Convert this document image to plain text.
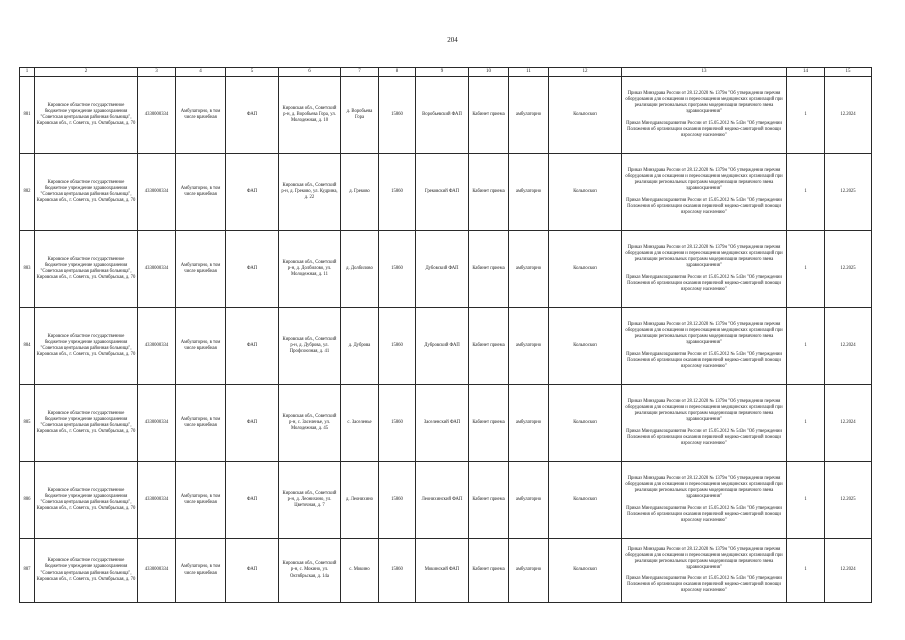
204
1	2	3	4	5	6	7	8	9	10	11	12	13	14	15
881	Кировское областное государственное бюджетное учреждение здравоохранения "Советская центральная районная больница", Кировская обл., г. Советск, ул. Октябрьская, д. 70	4330000334	Амбулаторно, в том числе врачебная	ФАП	Кировская обл., Советский р-н, д. Воробьева Гора, ул. Молодежная, д. 10	д. Воробьева Гора	15860	Воробьевский ФАП	Кабинет приема	амбулаторно	Кольпоскоп	Приказ Минздрава России от 28.12.2020 № 1379н "Об утверждении перечня оборудования для оснащения и переоснащения медицинских организаций при реализации региональных программ модернизации первичного звена здравоохранения"

Приказ Минздравсоцразвития России от 15.05.2012 № 543н "Об утверждении Положения об организации оказания первичной медико-санитарной помощи взрослому населению"	1	12.2024
882	Кировское областное государственное бюджетное учреждение здравоохранения "Советская центральная районная больница", Кировская обл., г. Советск, ул. Октябрьская, д. 70	4330000334	Амбулаторно, в том числе врачебная	ФАП	Кировская обл., Советский р-н, д. Греково, ул. Кудрина, д. 22	д. Греково	15860	Грековский ФАП	Кабинет приема	амбулаторно	Кольпоскоп	Приказ Минздрава России от 28.12.2020 № 1379н "Об утверждении перечня оборудования для оснащения и переоснащения медицинских организаций при реализации региональных программ модернизации первичного звена здравоохранения"

Приказ Минздравсоцразвития России от 15.05.2012 № 543н "Об утверждении Положения об организации оказания первичной медико-санитарной помощи взрослому населению"	1	12.2025
883	Кировское областное государственное бюджетное учреждение здравоохранения "Советская центральная районная больница", Кировская обл., г. Советск, ул. Октябрьская, д. 70	4330000334	Амбулаторно, в том числе врачебная	ФАП	Кировская обл., Советский р-н, д. Долбилово, ул. Молодежная, д. 11	д. Долбилово	15860	Дубовский ФАП	Кабинет приема	амбулаторно	Кольпоскоп	Приказ Минздрава России от 28.12.2020 № 1379н "Об утверждении перечня оборудования для оснащения и переоснащения медицинских организаций при реализации региональных программ модернизации первичного звена здравоохранения"

Приказ Минздравсоцразвития России от 15.05.2012 № 543н "Об утверждении Положения об организации оказания первичной медико-санитарной помощи взрослому населению"	1	12.2025
884	Кировское областное государственное бюджетное учреждение здравоохранения "Советская центральная районная больница", Кировская обл., г. Советск, ул. Октябрьская, д. 70	4330000334	Амбулаторно, в том числе врачебная	ФАП	Кировская обл., Советский р-н, д. Дуброва, ул. Профсоюзная, д. 41	д. Дуброва	15860	Дубровский ФАП	Кабинет приема	амбулаторно	Кольпоскоп	Приказ Минздрава России от 28.12.2020 № 1379н "Об утверждении перечня оборудования для оснащения и переоснащения медицинских организаций при реализации региональных программ модернизации первичного звена здравоохранения"

Приказ Минздравсоцразвития России от 15.05.2012 № 543н "Об утверждении Положения об организации оказания первичной медико-санитарной помощи взрослому населению"	1	12.2024
885	Кировское областное государственное бюджетное учреждение здравоохранения "Советская центральная районная больница", Кировская обл., г. Советск, ул. Октябрьская, д. 70	4330000334	Амбулаторно, в том числе врачебная	ФАП	Кировская обл., Советский р-н, с. Заселенье, ул. Молодежная, д. 45	с. Заселенье	15860	Заселенский ФАП	Кабинет приема	амбулаторно	Кольпоскоп	Приказ Минздрава России от 28.12.2020 № 1379н "Об утверждении перечня оборудования для оснащения и переоснащения медицинских организаций при реализации региональных программ модернизации первичного звена здравоохранения"

Приказ Минздравсоцразвития России от 15.05.2012 № 543н "Об утверждении Положения об организации оказания первичной медико-санитарной помощи взрослому населению"	1	12.2024
886	Кировское областное государственное бюджетное учреждение здравоохранения "Советская центральная районная больница", Кировская обл., г. Советск, ул. Октябрьская, д. 70	4330000334	Амбулаторно, в том числе врачебная	ФАП	Кировская обл., Советский р-н, д. Леонихино, ул. Цветочная, д. 7	д. Леонихино	15860	Леонихинский ФАП	Кабинет приема	амбулаторно	Кольпоскоп	Приказ Минздрава России от 28.12.2020 № 1379н "Об утверждении перечня оборудования для оснащения и переоснащения медицинских организаций при реализации региональных программ модернизации первичного звена здравоохранения"

Приказ Минздравсоцразвития России от 15.05.2012 № 543н "Об утверждении Положения об организации оказания первичной медико-санитарной помощи взрослому населению"	1	12.2025
887	Кировское областное государственное бюджетное учреждение здравоохранения "Советская центральная районная больница", Кировская обл., г. Советск, ул. Октябрьская, д. 70	4330000334	Амбулаторно, в том числе врачебная	ФАП	Кировская обл., Советский р-н, с. Мокино, ул. Октябрьская, д. 14а	с. Мокино	15860	Мокинский ФАП	Кабинет приема	амбулаторно	Кольпоскоп	Приказ Минздрава России от 28.12.2020 № 1379н "Об утверждении перечня оборудования для оснащения и переоснащения медицинских организаций при реализации региональных программ модернизации первичного звена здравоохранения"

Приказ Минздравсоцразвития России от 15.05.2012 № 543н "Об утверждении Положения об организации оказания первичной медико-санитарной помощи взрослому населению"	1	12.2024
